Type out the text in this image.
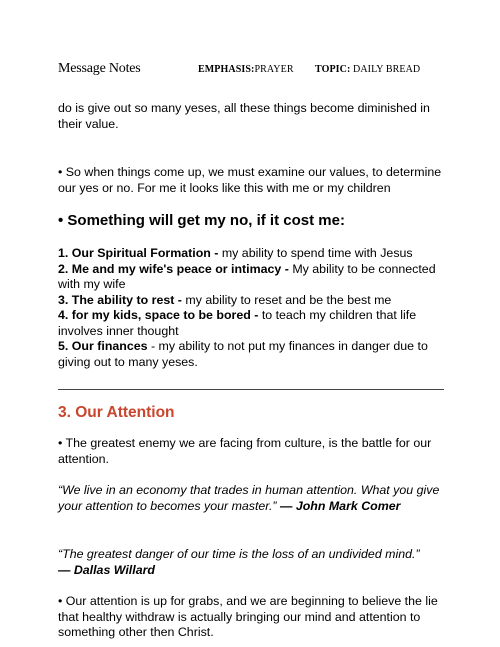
Message Notes	EMPHASIS:PRAYER TOPIC: DAILY BREAD

do is give out so many yeses, all these things become diminished in their value.

• So when things come up, we must examine our values, to determine our yes or no. For me it looks like this with me or my children

• Something will get my no, if it cost me:

1. Our Spiritual Formation - my ability to spend time with Jesus

2. Me and my wife's peace or intimacy - My ability to be connected with my wife

3. The ability to rest - my ability to reset and be the best me

4. for my kids, space to be bored - to teach my children that life involves inner thought

5. Our finances - my ability to not put my finances in danger due to giving out to many yeses.

3. Our Attention

• The greatest enemy we are facing from culture, is the battle for our attention.

“We live in an economy that trades in human attention. What you give your attention to becomes your master.” — John Mark Comer

“The greatest danger of our time is the loss of an undivided mind.”
— Dallas Willard

• Our attention is up for grabs, and we are beginning to believe the lie that healthy withdraw is actually bringing our mind and attention to something other then Christ.
